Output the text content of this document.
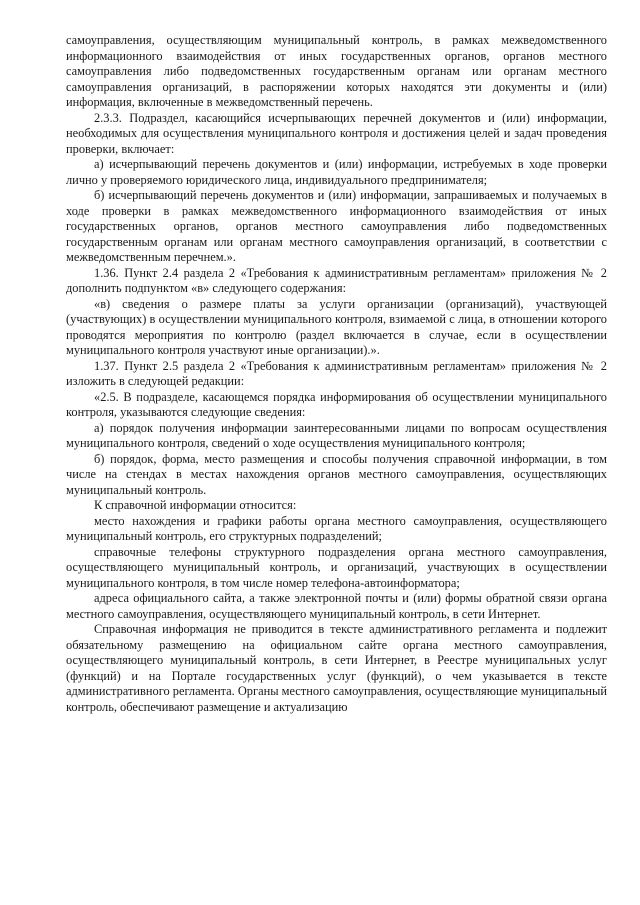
самоуправления, осуществляющим муниципальный контроль, в рамках межведомственного информационного взаимодействия от иных государственных органов, органов местного самоуправления либо подведомственных государственным органам или органам местного самоуправления организаций, в распоряжении которых находятся эти документы и (или) информация, включенные в межведомственный перечень.

2.3.3. Подраздел, касающийся исчерпывающих перечней документов и (или) информации, необходимых для осуществления муниципального контроля и достижения целей и задач проведения проверки, включает:

а) исчерпывающий перечень документов и (или) информации, истребуемых в ходе проверки лично у проверяемого юридического лица, индивидуального предпринимателя;

б) исчерпывающий перечень документов и (или) информации, запрашиваемых и получаемых в ходе проверки в рамках межведомственного информационного взаимодействия от иных государственных органов, органов местного самоуправления либо подведомственных государственным органам или органам местного самоуправления организаций, в соответствии с межведомственным перечнем.».

1.36. Пункт 2.4 раздела 2 «Требования к административным регламентам» приложения № 2 дополнить подпунктом «в» следующего содержания:

«в) сведения о размере платы за услуги организации (организаций), участвующей (участвующих) в осуществлении муниципального контроля, взимаемой с лица, в отношении которого проводятся мероприятия по контролю (раздел включается в случае, если в осуществлении муниципального контроля участвуют иные организации).».

1.37. Пункт 2.5 раздела 2 «Требования к административным регламентам» приложения № 2 изложить в следующей редакции:

«2.5. В подразделе, касающемся порядка информирования об осуществлении муниципального контроля, указываются следующие сведения:

а) порядок получения информации заинтересованными лицами по вопросам осуществления муниципального контроля, сведений о ходе осуществления муниципального контроля;

б) порядок, форма, место размещения и способы получения справочной информации, в том числе на стендах в местах нахождения органов местного самоуправления, осуществляющих муниципальный контроль.

К справочной информации относится:

место нахождения и графики работы органа местного самоуправления, осуществляющего муниципальный контроль, его структурных подразделений;

справочные телефоны структурного подразделения органа местного самоуправления, осуществляющего муниципальный контроль, и организаций, участвующих в осуществлении муниципального контроля, в том числе номер телефона-автоинформатора;

адреса официального сайта, а также электронной почты и (или) формы обратной связи органа местного самоуправления, осуществляющего муниципальный контроль, в сети Интернет.

Справочная информация не приводится в тексте административного регламента и подлежит обязательному размещению на официальном сайте органа местного самоуправления, осуществляющего муниципальный контроль, в сети Интернет, в Реестре муниципальных услуг (функций) и на Портале государственных услуг (функций), о чем указывается в тексте административного регламента. Органы местного самоуправления, осуществляющие муниципальный контроль, обеспечивают размещение и актуализацию
